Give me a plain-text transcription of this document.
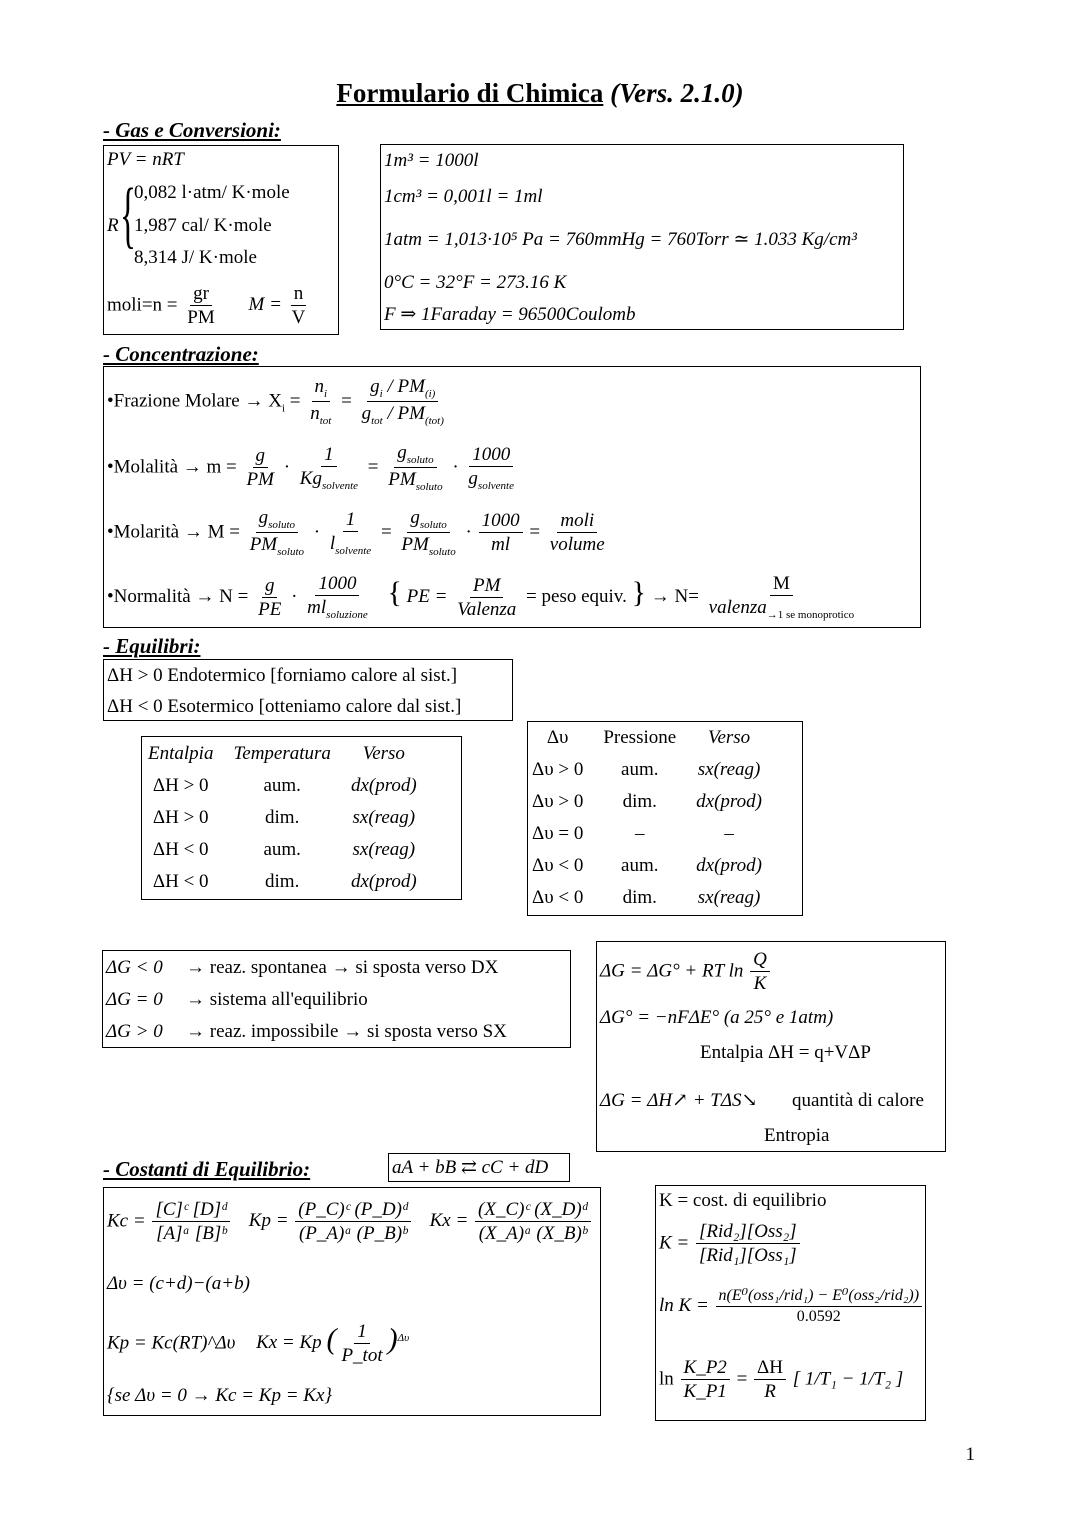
Formulario di Chimica (Vers. 2.1.0)
- Gas e Conversioni:
PV = nRT
R {
0,082 l·atm/ K·mole
1,987 cal/ K·mole
8,314 J/ K·mole
moli=n = $\frac{gr}{PM}$ $M = \frac{n}{V}$
1m³ = 1000l
1cm³ = 0,001l = 1ml
1atm = 1,013·10⁵ Pa = 760mmHg = 760Torr ≃ 1.033 Kg/cm³
0°C = 32°F = 273.16 K
F ⇒ 1Faraday = 96500Coulomb
- Concentrazione:
•Frazione Molare → $X_i = \frac{n_i}{n_{tot}} = \frac{g_i / PM_{(i)}}{g_{tot} / PM_{(tot)}}$
•Molalità → $m = \frac{g}{PM} \cdot \frac{1}{Kg_{solvente}} = \frac{g_{soluto}}{PM_{soluto}} \cdot \frac{1000}{g_{solvente}}$
•Molarità → $M = \frac{g_{soluto}}{PM_{soluto}} \cdot \frac{1}{l_{solvente}} = \frac{g_{soluto}}{PM_{soluto}} \cdot \frac{1000}{ml} = \frac{\text{moli}}{\text{volume}}$
•Normalità → $N = \frac{g}{PE} \cdot \frac{1000}{ml_{soluzione}}$ { PE = $\frac{PM}{\text{Valenza}}$ = peso equiv. } → $N= \frac{M}{valenza_{\to 1 se monoprotico}}$
- Equilibri:
ΔH > 0 Endotermico [forniamo calore al sist.]
ΔH < 0 Esotermico [otteniamo calore dal sist.]
Entalpia	Temperatura	Verso
ΔH > 0	aum.	dx(prod)
ΔH > 0	dim.	sx(reag)
ΔH < 0	aum.	sx(reag)
ΔH < 0	dim.	dx(prod)
Δυ	Pressione	Verso
Δυ > 0	aum.	sx(reag)
Δυ > 0	dim.	dx(prod)
Δυ = 0	–	–
Δυ < 0	aum.	dx(prod)
Δυ < 0	dim.	sx(reag)
ΔG < 0 → reaz. spontanea → si sposta verso DX
ΔG = 0 → sistema all'equilibrio
ΔG > 0 → reaz. impossibile → si sposta verso SX
ΔG = ΔG° + RT $\ln \frac{Q}{K}$
ΔG° = −nFΔE° (a 25° e 1atm)
Entalpia ΔH = q+VΔP
ΔG = ΔH↗ + TΔS↘ quantità di calore
Entropia
- Costanti di Equilibrio:	aA + bB ⇄ cC + dD
$Kc = \frac{\text{[C]ᶜ [D]ᵈ}}{\text{[A]ᵃ [B]ᵇ}}$ $Kp = \frac{\text{(P\_C)ᶜ (P\_D)ᵈ}}{\text{(P\_A)ᵃ (P\_B)ᵇ}}$ $Kx = \frac{\text{(X\_C)ᶜ (X\_D)ᵈ}}{\text{(X\_A)ᵃ (X\_B)ᵇ}}$
Δυ = (c+d)−(a+b)
Kp = Kc(RT)^Δυ Kx = Kp ( $\frac{1}{\text{P\_tot}} )^{\Delta\upsilon}$
{se Δυ = 0 → Kc = Kp = Kx}
K = cost. di equilibrio
$K = \frac{\text{[Rid₂][Oss₂]}}{\text{[Rid₁][Oss₁]}}$
$\ln K = \frac{\text{n(E⁰(oss₁/rid₁) − E⁰(oss₂/rid₂))}}{0.0592}$
$\ln \frac{K\_P2}{K\_P1} = \frac{\Delta H}{R}$ [ 1/T₁ − 1/T₂ ]
1
